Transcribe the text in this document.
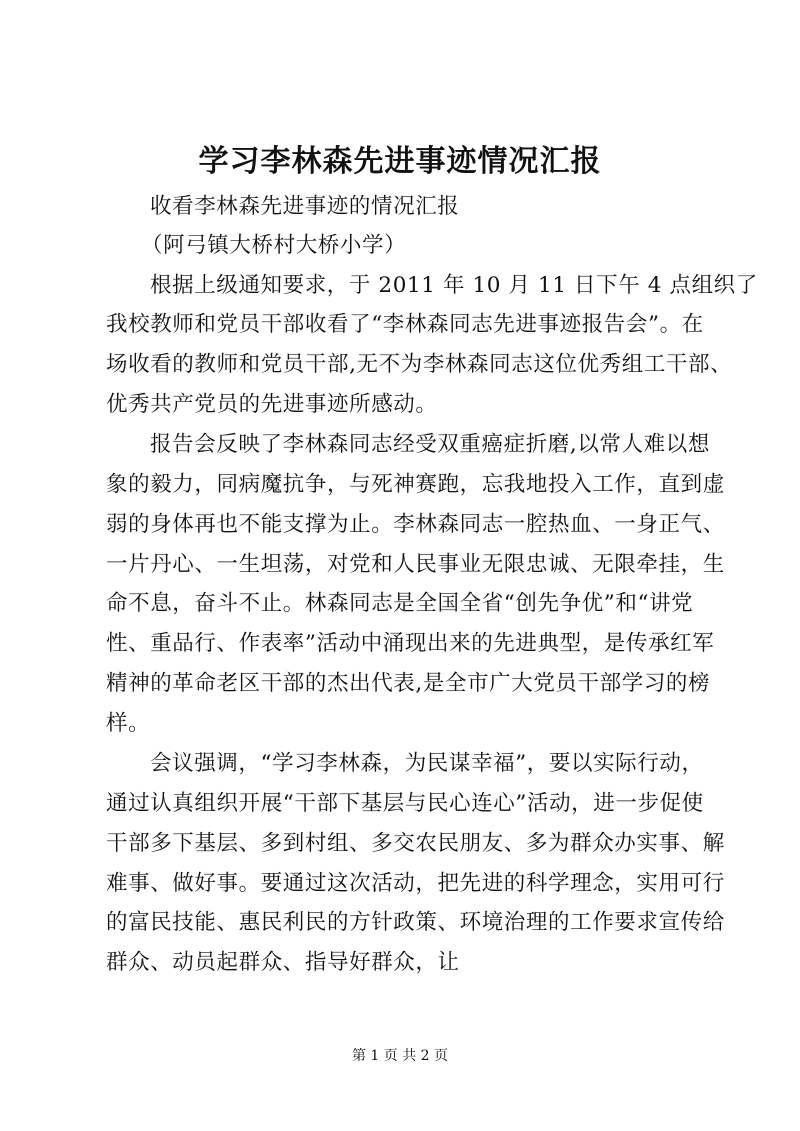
学习李林森先进事迹情况汇报
收看李林森先进事迹的情况汇报
（阿弓镇大桥村大桥小学）
根据上级通知要求，于 2011 年 10 月 11 日下午 4 点组织了
我校教师和党员干部收看了“李林森同志先进事迹报告会”。在
场收看的教师和党员干部,无不为李林森同志这位优秀组工干部、
优秀共产党员的先进事迹所感动。
报告会反映了李林森同志经受双重癌症折磨,以常人难以想
象的毅力，同病魔抗争，与死神赛跑，忘我地投入工作，直到虚
弱的身体再也不能支撑为止。李林森同志一腔热血、一身正气、
一片丹心、一生坦荡，对党和人民事业无限忠诚、无限牵挂，生
命不息，奋斗不止。林森同志是全国全省“创先争优”和“讲党
性、重品行、作表率”活动中涌现出来的先进典型，是传承红军
精神的革命老区干部的杰出代表,是全市广大党员干部学习的榜
样。
会议强调，“学习李林森，为民谋幸福”，要以实际行动，
通过认真组织开展“干部下基层与民心连心”活动，进一步促使
干部多下基层、多到村组、多交农民朋友、多为群众办实事、解
难事、做好事。要通过这次活动，把先进的科学理念，实用可行
的富民技能、惠民利民的方针政策、环境治理的工作要求宣传给
群众、动员起群众、指导好群众，让
第 1 页 共 2 页
